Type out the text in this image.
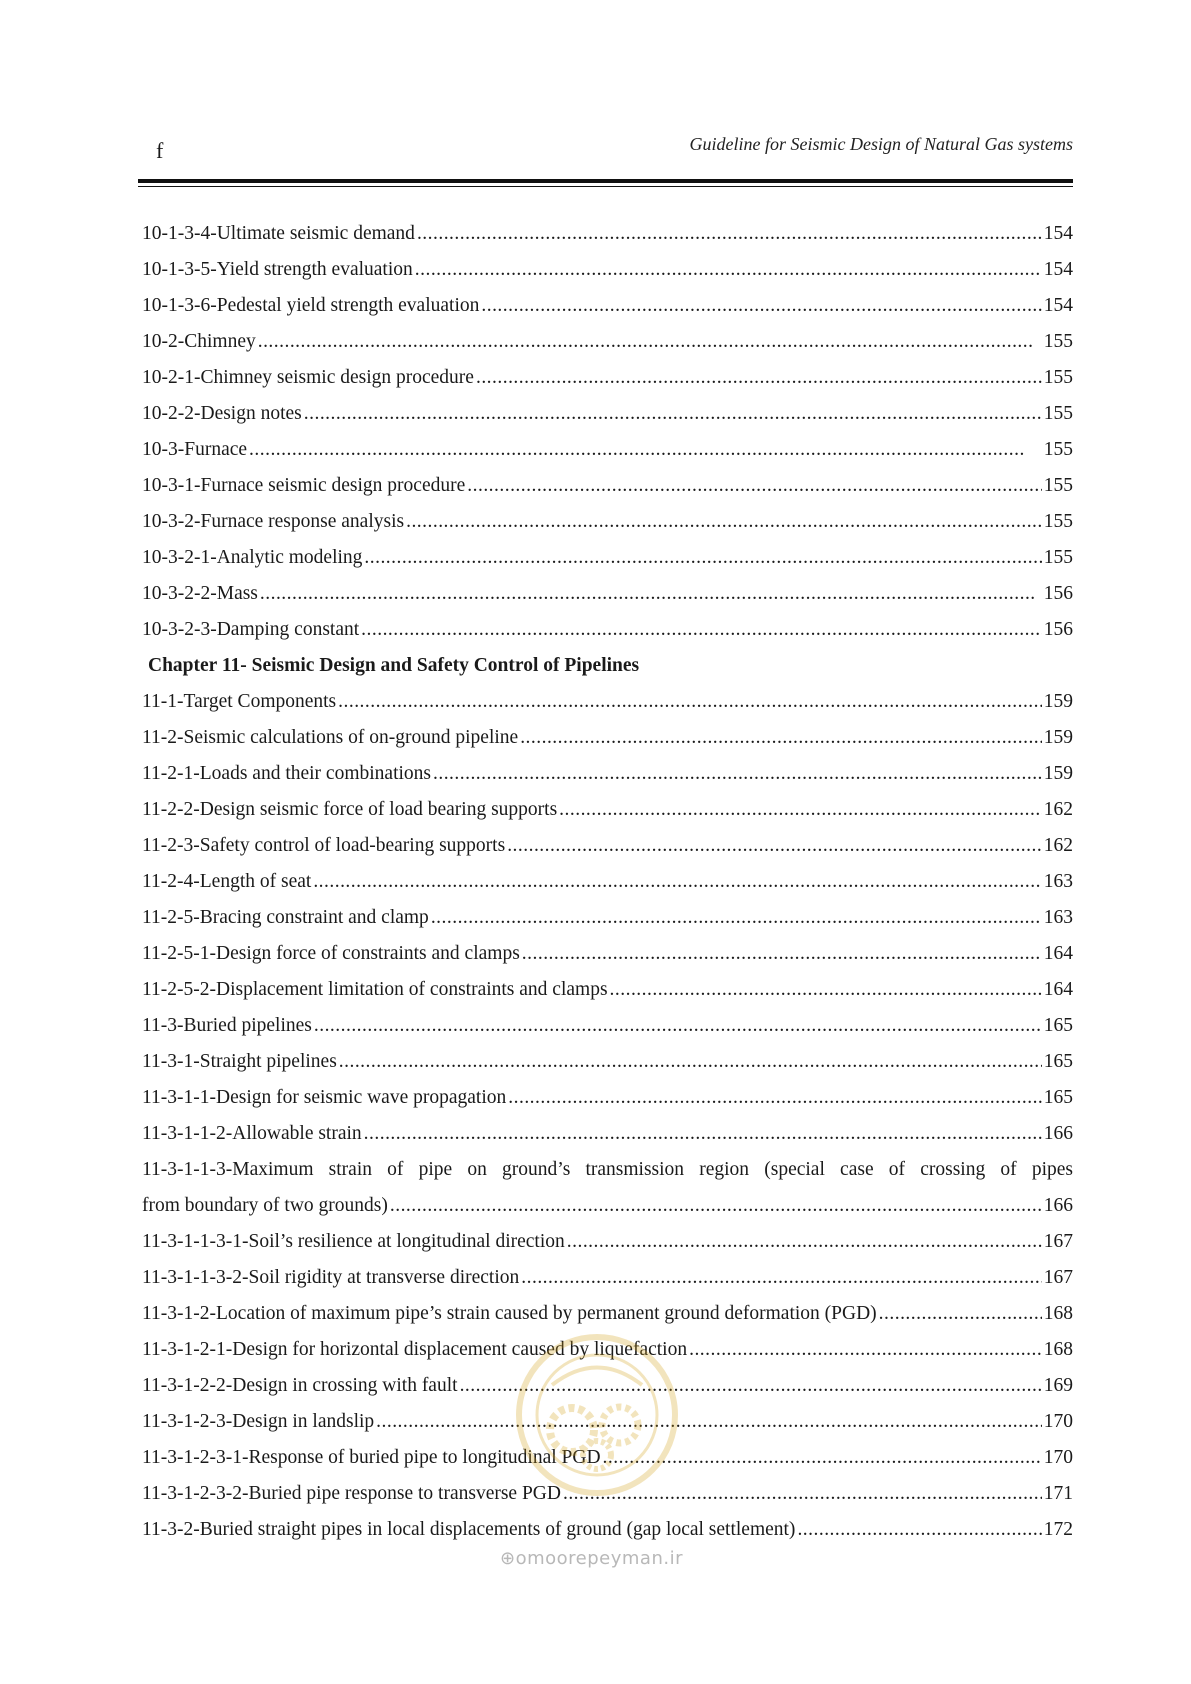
f	Guideline for Seismic Design of Natural Gas systems
10-1-3-4-Ultimate seismic demand . . .	154
10-1-3-5-Yield strength evaluation . . .	154
10-1-3-6-Pedestal yield strength evaluation . . .	154
10-2-Chimney . . .	155
10-2-1-Chimney seismic design procedure . . .	155
10-2-2-Design notes . . .	155
10-3-Furnace . . .	155
10-3-1-Furnace seismic design procedure . . .	155
10-3-2-Furnace response analysis . . .	155
10-3-2-1-Analytic modeling . . .	155
10-3-2-2-Mass . . .	156
10-3-2-3-Damping constant . . .	156
Chapter 11- Seismic Design and Safety Control of Pipelines
11-1-Target Components . . .	159
11-2-Seismic calculations of on-ground pipeline . . .	159
11-2-1-Loads and their combinations . . .	159
11-2-2-Design seismic force of load bearing supports . . .	162
11-2-3-Safety control of load-bearing supports . . .	162
11-2-4-Length of seat . . .	163
11-2-5-Bracing constraint and clamp . . .	163
11-2-5-1-Design force of constraints and clamps . . .	164
11-2-5-2-Displacement limitation of constraints and clamps . . .	164
11-3-Buried pipelines . . .	165
11-3-1-Straight pipelines . . .	165
11-3-1-1-Design for seismic wave propagation . . .	165
11-3-1-1-2-Allowable strain . . .	166
11-3-1-1-3-Maximum strain of pipe on ground’s transmission region (special case of crossing of pipes
from boundary of two grounds) . . .	166
11-3-1-1-3-1-Soil’s resilience at longitudinal direction . . .	167
11-3-1-1-3-2-Soil rigidity at transverse direction . . .	167
11-3-1-2-Location of maximum pipe’s strain caused by permanent ground deformation (PGD) . . .	168
11-3-1-2-1-Design for horizontal displacement caused by liquefaction . . .	168
11-3-1-2-2-Design in crossing with fault . . .	169
11-3-1-2-3-Design in landslip . . .	170
11-3-1-2-3-1-Response of buried pipe to longitudinal PGD . . .	170
11-3-1-2-3-2-Buried pipe response to transverse PGD . . .	171
11-3-2-Buried straight pipes in local displacements of ground (gap local settlement) . . .	172
⊕omoorepeyman.ir
